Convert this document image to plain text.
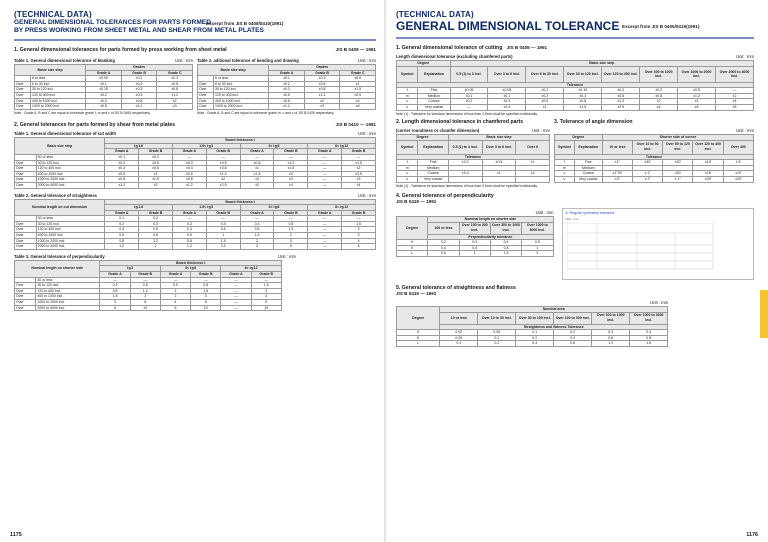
(TECHNICAL DATA)
GENERAL DIMENSIONAL TOLERANCES FOR PARTS FORMED
BY PRESS WORKING FROM SHEET METAL AND SHEAR FROM METAL PLATES
Excerpt from JIS B 0408/0410(1991)
1. General dimensional tolerances for parts formed by press working from sheet metal	JIS B 0408 — 1991
Table 1. General dimensional tolerance of blanking	Unit : mm
Basic size step		Grades		
		Grade A	Grade B	Grade C
	6 or less	±0.05	±0.1	±0.3
Over	6 to 30 incl.	±0.1	±0.2	±0.5
Over	30 to 120 incl.	±0.15	±0.3	±0.8
Over	120 to 400 incl.	±0.2	±0.5	±1.2
Over	400 to 1000 incl.	±0.3	±0.8	±2
Over	1000 to 2000 incl.	±0.5	±1.2	±3
Note : Grade A, B and C are equal to tolerance grade f, m and c of JIS B 0405 respectively.
Table 2. aditional tolerance of bending and drawing	Unit : mm
Basic size step		Grades		
		Grade A	Grade B	Grade C
	6 or less	±0.1	±0.3	±0.5
Over	6 to 30 incl.	±0.2	±0.5	±1
Over	30 to 120 incl.	±0.3	±0.8	±1.5
Over	120 to 400 incl.	±0.5	±1.2	±2.5
Over	400 to 1000 incl.	±0.8	±2	±4
Over	1000 to 2000 incl.	±1.2	±3	±6
Note : Grade A, B and C are equal to tolerance grade m, c and v of JIS B 0405 respectively.
2. General tolerances for parts formed by shear from metal plates	JIS B 0410 — 1991
Table 1. General dimensional tolerance of cut width	Unit : mm
Basic size step		Board thickness t							
		t≦1.6		1.6< t≦3		3< t≦6		6< t≦12	
		Grade A	Grade B	Grade A	Grade B	Grade A	Grade B	Grade A	Grade B
	30 or less	±0.1	±0.3	—	—	—	—	—	—
Over	30 to 120 incl.	±0.2	±0.5	±0.3	±0.5	±0.8	±1.2	—	±1.5
Over	120 to 400 incl.	±0.3	±0.8	±0.4	±0.8	±1	±1.5	—	±2
Over	400 to 1000 incl.	±0.5	±1	±0.5	±1.2	±1.5	±2	—	±2.5
Over	1000 to 2000 incl.	±0.8	±1.5	±0.8	±2	±2	±3	—	±3
Over	2000 to 4000 incl.	±1.2	±2	±1.2	±2.5	±3	±4	—	±4
Table 2. General tolerance of straightness	Unit : mm
Nominal length on cut dimension		Board thickness t							
		t≦1.6		1.6< t≦3		3< t≦6		6< t≦12	
		Grade A	Grade B	Grade A	Grade B	Grade A	Grade B	Grade A	Grade B
	30 or less	0.1	0.2	—	—	—	—	—	—
Over	30 to 120 incl.	0.2	0.3	0.2	0.3	0.3	0.5	—	1.5
Over	120 to 400 incl.	0.3	0.5	0.3	0.5	0.5	1.5	—	2
Over	400 to 1000 incl.	0.5	0.8	0.5	1	1.5	2	—	3
Over	1000 to 2000 incl.	0.8	1.2	0.8	1.5	2	3	—	4
Over	2000 to 4000 incl.	1.2	2	1.2	2.5	3	5	—	6
Table 3. General tolerance of perpendicularity	Unit : mm
Nominal length on shorter side		Board thickness t					
		t≦3		3< t≦6		6< t≦12	
		Grade A	Grade B	Grade A	Grade B	Grade A	Grade B
	30 or less	—	—	—	—	—	—
Over	30 to 120 incl.	0.3	0.5	0.5	0.8	—	1.5
Over	120 to 400 incl.	0.8	1.2	1	1.5	—	2
Over	400 to 1000 incl.	1.5	3	2	3	—	3
Over	1000 to 2000 incl.	3	6	4	6	—	6
Over	2000 to 4000 incl.	6	10	6	10	—	10
1175
(TECHNICAL DATA)
GENERAL DIMENSIONAL TOLERANCE Excerpt from JIS B 0405/0419(1991)
1. General dimensional tolerance of cutting JIS B 0405 — 1991
Length dimensional tolerance (excluding chamfered parts)	Unit : mm
Degree		Basic size step							
Symbol	Explanation	0.5 (1) to 3 incl.	Over 3 to 6 incl.	Over 6 to 30 incl.	Over 30 to 120 incl.	Over 120 to 400 incl.	Over 400 to 1000 incl.	Over 1000 to 2000 incl.	Over 2000 to 4000 incl.
Tolerance									
f	Fine	±0.05	±0.05	±0.1	±0.15	±0.2	±0.3	±0.5	—
m	Medium	±0.1	±0.1	±0.2	±0.3	±0.5	±0.8	±1.2	±2
c	Coarse	±0.2	±0.3	±0.5	±0.8	±1.2	±2	±3	±4
v	Very coarse	—	±0.5	±1	±1.5	±2.5	±4	±6	±8
Note (1) : Tolerance for standard dimensions of less than 0.5mm shall be specified individually.
2. Length dimensional tolerance in chamfered parts
(corner roundness or chamfer dimension)	Unit : mm
Degree		Basic size step		
Symbol	Explanation	0.5 (1) to 3 incl.	Over 3 to 6 incl.	Over 6
Tolerance				
f	Fine	±0.2	±0.5	±1
m	Medium			
c	Coarse	±0.4	±1	±2
v	Very coarse			
Note (1) : Tolerance for standard dimensions of less than 0.5mm shall be specified individually.
3. Tolerance of angle dimension
Unit : mm
Degree		Shorter side of corner				
Symbol	Explanation	10 or less	Over 10 to 50 incl.	Over 50 to 120 incl.	Over 120 to 400 incl.	Over 400
Tolerance						
f	Fine	±1°	±30'	±20'	±10'	± 5'
m	Medium					
c	Coarse	±1°30'	± 1°	±30'	±15'	±10'
v	Very coarse	±3°	± 2°	± 1°	±30'	±20'
4. General tolerance of perpendicularity
JIS B 0419 — 1991
Unit : mm
Degree	Nominal length on shorter side			
	100 or less	Over 100 to 300 incl.	Over 300 to 1000 incl.	Over 1000 to 3000 incl.
	Perpendicularity tolerance			
H	0.2	0.3	0.4	0.5
K	0.4	0.6	0.8	1
L	0.6	1	1.5	2
6. Regular symmetry tolerance
Unit : mm
5. General tolerance of straightness and flatness
JIS B 0419 — 1991
Unit : mm
Degree	Nominal area					
	10 or less	Over 10 to 30 incl.	Over 30 to 100 incl.	Over 100 to 300 incl.	Over 300 to 1000 incl.	Over 1000 to 3000 incl.
	Straightness and flatness Tolerance					
H	0.02	0.05	0.1	0.2	0.3	0.4
K	0.05	0.1	0.2	0.4	0.6	0.8
L	0.1	0.2	0.4	0.8	1.2	1.6
1176
